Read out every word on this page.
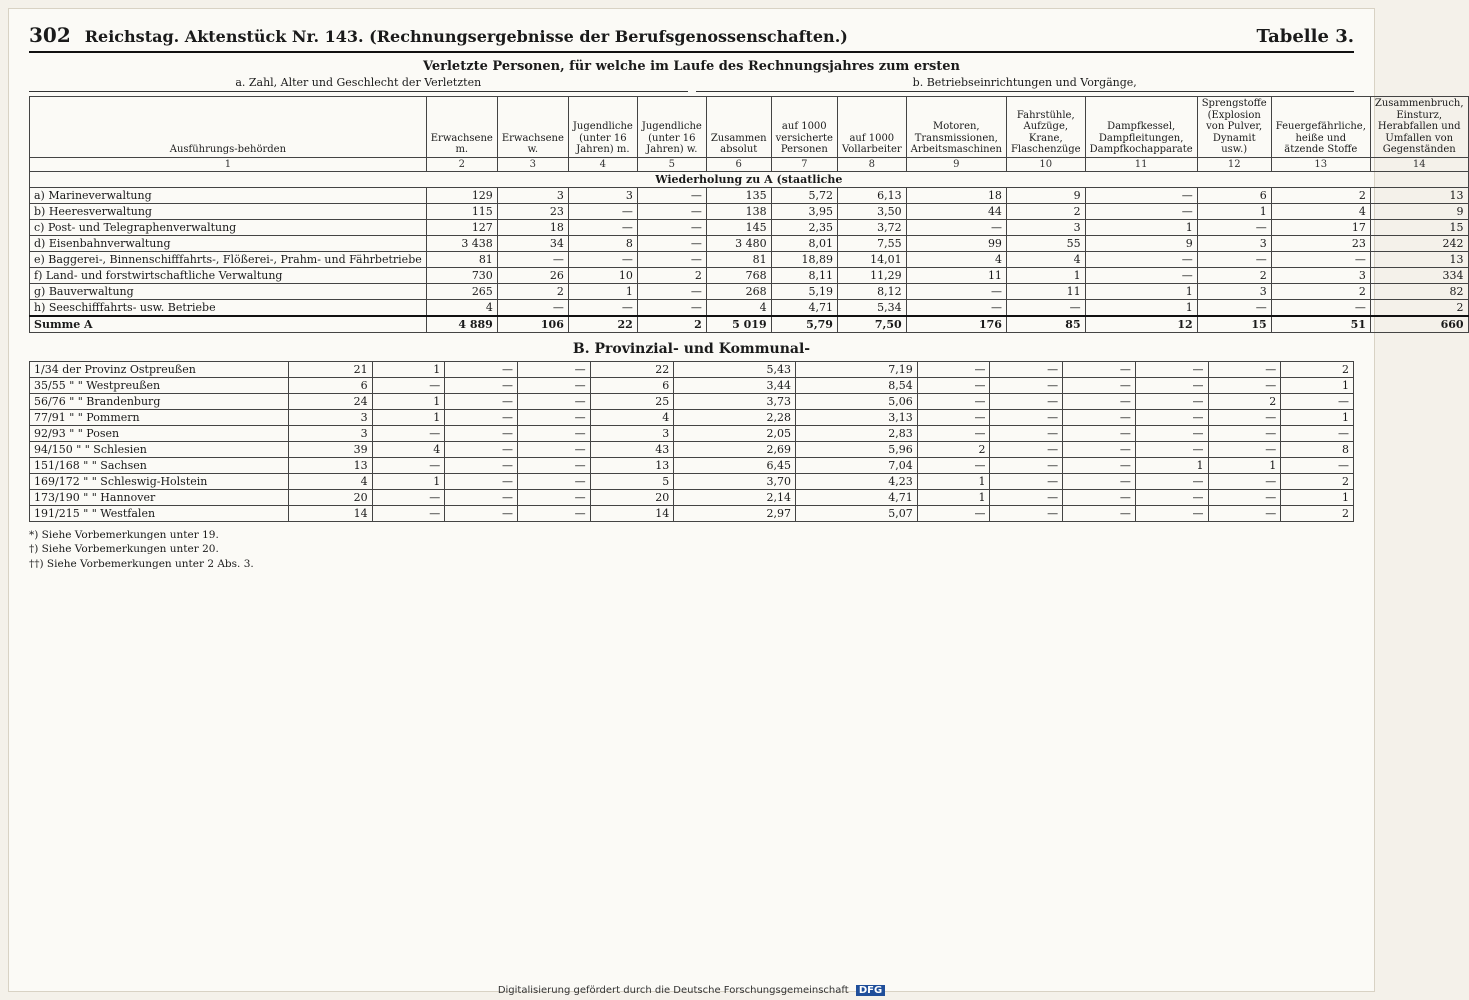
302 Reichstag. Aktenstück Nr. 143. (Rechnungsergebnisse der Berufsgenossenschaften.)	Tabelle 3.
Verletzte Personen, für welche im Laufe des Rechnungsjahres zum ersten
a. Zahl, Alter und Geschlecht der Verletzten	b. Betriebseinrichtungen und Vorgänge,
Ausführungs-behörden	Erwachsene m.	Erwachsene w.	Jugendliche (unter 16 Jahren) m.	Jugendliche (unter 16 Jahren) w.	Zusammen absolut	auf 1000 versicherte Personen	auf 1000 Vollarbeiter	Motoren, Transmissionen, Arbeitsmaschinen	Fahrstühle, Aufzüge, Krane, Flaschenzüge	Dampfkessel, Dampfleitungen, Dampfkochapparate	Sprengstoffe (Explosion von Pulver, Dynamit usw.)	Feuergefährliche, heiße und ätzende Stoffe	Zusammenbruch, Einsturz, Herabfallen und Umfallen von Gegenständen
1	2	3	4	5	6	7	8	9	10	11	12	13	14
Wiederholung zu A (staatliche													
a) Marineverwaltung	129	3	3	—	135	5,72	6,13	18	9	—	6	2	13
b) Heeresverwaltung	115	23	—	—	138	3,95	3,50	44	2	—	1	4	9
c) Post- und Telegraphenverwaltung	127	18	—	—	145	2,35	3,72	—	3	1	—	17	15
d) Eisenbahnverwaltung	3 438	34	8	—	3 480	8,01	7,55	99	55	9	3	23	242
e) Baggerei-, Binnenschifffahrts-, Flößerei-, Prahm- und Fährbetriebe	81	—	—	—	81	18,89	14,01	4	4	—	—	—	13
f) Land- und forstwirtschaftliche Verwaltung	730	26	10	2	768	8,11	11,29	11	1	—	2	3	334
g) Bauverwaltung	265	2	1	—	268	5,19	8,12	—	11	1	3	2	82
h) Seeschifffahrts- usw. Betriebe	4	—	—	—	4	4,71	5,34	—	—	1	—	—	2
Summe A	4 889	106	22	2	5 019	5,79	7,50	176	85	12	15	51	660
B. Provinzial- und Kommunal-
1/34 der Provinz Ostpreußen	21	1	—	—	22	5,43	7,19	—	—	—	—	—	2
35/55 " " Westpreußen	6	—	—	—	6	3,44	8,54	—	—	—	—	—	1
56/76 " " Brandenburg	24	1	—	—	25	3,73	5,06	—	—	—	—	2	—
77/91 " " Pommern	3	1	—	—	4	2,28	3,13	—	—	—	—	—	1
92/93 " " Posen	3	—	—	—	3	2,05	2,83	—	—	—	—	—	—
94/150 " " Schlesien	39	4	—	—	43	2,69	5,96	2	—	—	—	—	8
151/168 " " Sachsen	13	—	—	—	13	6,45	7,04	—	—	—	1	1	—
169/172 " " Schleswig-Holstein	4	1	—	—	5	3,70	4,23	1	—	—	—	—	2
173/190 " " Hannover	20	—	—	—	20	2,14	4,71	1	—	—	—	—	1
191/215 " " Westfalen	14	—	—	—	14	2,97	5,07	—	—	—	—	—	2
*) Siehe Vorbemerkungen unter 19.
†) Siehe Vorbemerkungen unter 20.
††) Siehe Vorbemerkungen unter 2 Abs. 3.
Digitalisierung gefördert durch die Deutsche Forschungsgemeinschaft DFG
